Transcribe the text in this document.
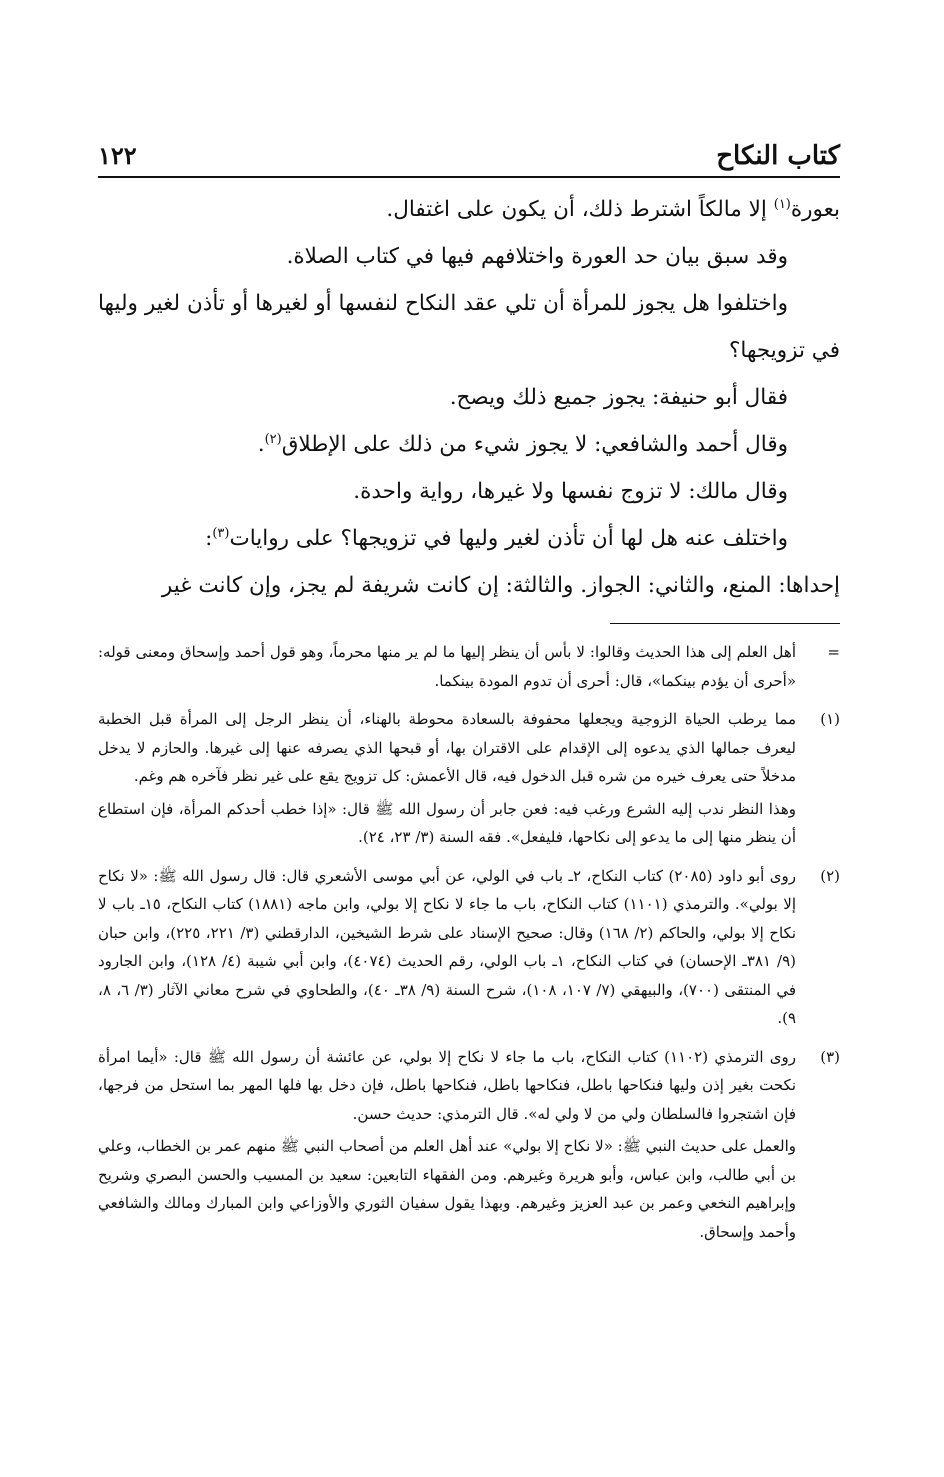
كتاب النكاح
١٢٢

بعورة$^{(١)}$ إلا مالكاً اشترط ذلك، أن يكون على اغتفال.

وقد سبق بيان حد العورة واختلافهم فيها في كتاب الصلاة.

واختلفوا هل يجوز للمرأة أن تلي عقد النكاح لنفسها أو لغيرها أو تأذن لغير وليها في تزويجها؟

فقال أبو حنيفة: يجوز جميع ذلك ويصح.

وقال أحمد والشافعي: لا يجوز شيء من ذلك على الإطلاق$^{(٢)}$.

وقال مالك: لا تزوج نفسها ولا غيرها، رواية واحدة.

واختلف عنه هل لها أن تأذن لغير وليها في تزويجها؟ على روايات$^{(٣)}$:

إحداها: المنع، والثاني: الجواز. والثالثة: إن كانت شريفة لم يجز، وإن كانت غير

=

أهل العلم إلى هذا الحديث وقالوا: لا بأس أن ينظر إليها ما لم ير منها محرماً، وهو قول أحمد وإسحاق ومعنى قوله: «أحرى أن يؤدم بينكما»، قال: أحرى أن تدوم المودة بينكما.

(١)

مما يرطب الحياة الزوجية ويجعلها محفوفة بالسعادة محوطة بالهناء، أن ينظر الرجل إلى المرأة قبل الخطبة ليعرف جمالها الذي يدعوه إلى الإقدام على الاقتران بها، أو قبحها الذي يصرفه عنها إلى غيرها. والحازم لا يدخل مدخلاً حتى يعرف خيره من شره قبل الدخول فيه، قال الأعمش: كل تزويج يقع على غير نظر فآخره هم وغم.

وهذا النظر ندب إليه الشرع ورغب فيه: فعن جابر أن رسول الله ﷺ قال: «إذا خطب أحدكم المرأة، فإن استطاع أن ينظر منها إلى ما يدعو إلى نكاحها، فليفعل». فقه السنة (٣/ ٢٣، ٢٤).

(٢)

روى أبو داود (٢٠٨٥) كتاب النكاح، ٢ـ باب في الولي، عن أبي موسى الأشعري قال: قال رسول الله ﷺ: «لا نكاح إلا بولي». والترمذي (١١٠١) كتاب النكاح، باب ما جاء لا نكاح إلا بولي، وابن ماجه (١٨٨١) كتاب النكاح، ١٥ـ باب لا نكاح إلا بولي، والحاكم (٢/ ١٦٨) وقال: صحيح الإسناد على شرط الشيخين، الدارقطني (٣/ ٢٢١، ٢٢٥)، وابن حبان (٩/ ٣٨١ـ الإحسان) في كتاب النكاح، ١ـ باب الولي، رقم الحديث (٤٠٧٤)، وابن أبي شيبة (٤/ ١٢٨)، وابن الجارود في المنتقى (٧٠٠)، والبيهقي (٧/ ١٠٧، ١٠٨)، شرح السنة (٩/ ٣٨ـ ٤٠)، والطحاوي في شرح معاني الآثار (٣/ ٦، ٨، ٩).

(٣)

روى الترمذي (١١٠٢) كتاب النكاح، باب ما جاء لا نكاح إلا بولي، عن عائشة أن رسول الله ﷺ قال: «أيما امرأة نكحت بغير إذن وليها فنكاحها باطل، فنكاحها باطل، فنكاحها باطل، فإن دخل بها فلها المهر بما استحل من فرجها، فإن اشتجروا فالسلطان ولي من لا ولي له». قال الترمذي: حديث حسن.

والعمل على حديث النبي ﷺ: «لا نكاح إلا بولي» عند أهل العلم من أصحاب النبي ﷺ منهم عمر بن الخطاب، وعلي بن أبي طالب، وابن عباس، وأبو هريرة وغيرهم. ومن الفقهاء التابعين: سعيد بن المسيب والحسن البصري وشريح وإبراهيم النخعي وعمر بن عبد العزيز وغيرهم. وبهذا يقول سفيان الثوري والأوزاعي وابن المبارك ومالك والشافعي وأحمد وإسحاق.
